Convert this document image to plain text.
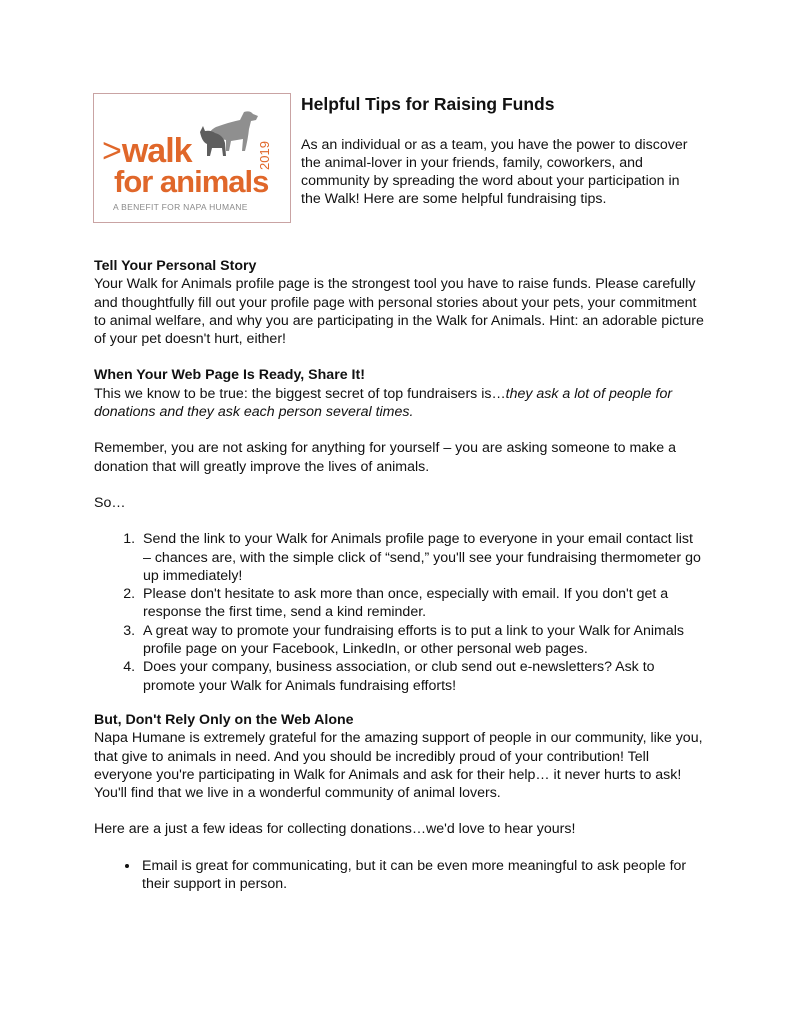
>walk
for animals
2019
A BENEFIT FOR NAPA HUMANE
Helpful Tips for Raising Funds

As an individual or as a team, you have the power to discover the animal-lover in your friends, family, coworkers, and community by spreading the word about your participation in the Walk! Here are some helpful fundraising tips.

Tell Your Personal Story

Your Walk for Animals profile page is the strongest tool you have to raise funds. Please carefully and thoughtfully fill out your profile page with personal stories about your pets, your commitment to animal welfare, and why you are participating in the Walk for Animals. Hint: an adorable picture of your pet doesn't hurt, either!

When Your Web Page Is Ready, Share It!

This we know to be true: the biggest secret of top fundraisers is…they ask a lot of people for donations and they ask each person several times.

Remember, you are not asking for anything for yourself – you are asking someone to make a donation that will greatly improve the lives of animals.

So…

1. Send the link to your Walk for Animals profile page to everyone in your email contact list – chances are, with the simple click of “send,” you'll see your fundraising thermometer go up immediately!
2. Please don't hesitate to ask more than once, especially with email. If you don't get a response the first time, send a kind reminder.
3. A great way to promote your fundraising efforts is to put a link to your Walk for Animals profile page on your Facebook, LinkedIn, or other personal web pages.
4. Does your company, business association, or club send out e-newsletters? Ask to promote your Walk for Animals fundraising efforts!
But, Don't Rely Only on the Web Alone

Napa Humane is extremely grateful for the amazing support of people in our community, like you, that give to animals in need. And you should be incredibly proud of your contribution! Tell everyone you're participating in Walk for Animals and ask for their help… it never hurts to ask! You'll find that we live in a wonderful community of animal lovers.

Here are a just a few ideas for collecting donations…we'd love to hear yours!

• Email is great for communicating, but it can be even more meaningful to ask people for their support in person.
